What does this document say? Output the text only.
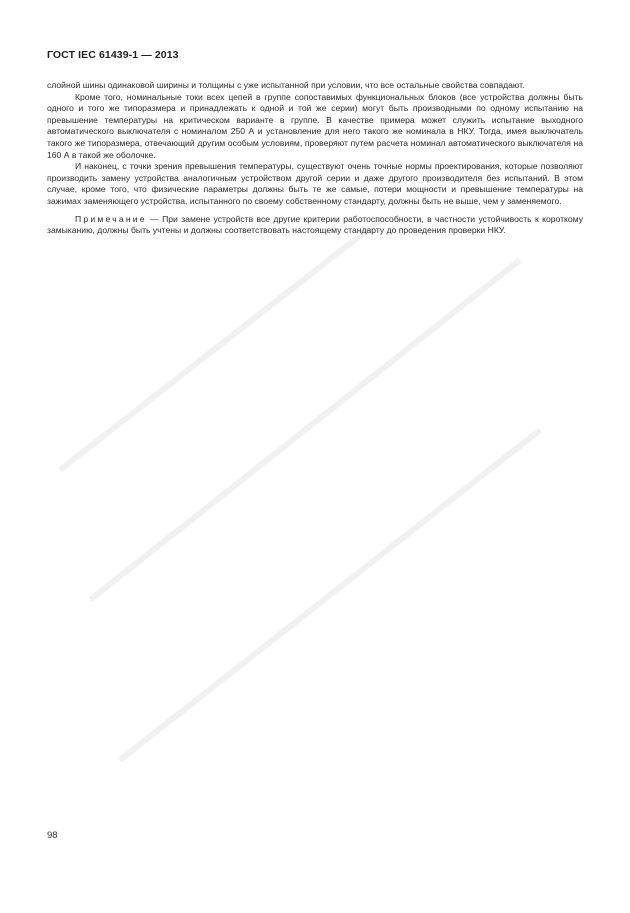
ГОСТ IEC 61439-1 — 2013

слойной шины одинаковой ширины и толщины с уже испытанной при условии, что все остальные свойства совпадают.

Кроме того, номинальные токи всех цепей в группе сопоставимых функциональных блоков (все устройства должны быть одного и того же типоразмера и принадлежать к одной и той же серии) могут быть производными по одному испытанию на превышение температуры на критическом варианте в группе. В качестве примера может служить испытание выходного автоматического выключателя с номиналом 250 А и установление для него такого же номинала в НКУ. Тогда, имея выключатель такого же типоразмера, отвечающий другим особым условиям, проверяют путем расчета номинал автоматического выключателя на 160 А в такой же оболочке.

И наконец, с точки зрения превышения температуры, существуют очень точные нормы проектирования, которые позволяют производить замену устройства аналогичным устройством другой серии и даже другого производителя без испытаний. В этом случае, кроме того, что физические параметры должны быть те же самые, потери мощности и превышение температуры на зажимах заменяющего устройства, испытанного по своему собственному стандарту, должны быть не выше, чем у заменяемого.

Примечание — При замене устройств все другие критерии работоспособности, в частности устойчивость к короткому замыканию, должны быть учтены и должны соответствовать настоящему стандарту до проведения проверки НКУ.

98
